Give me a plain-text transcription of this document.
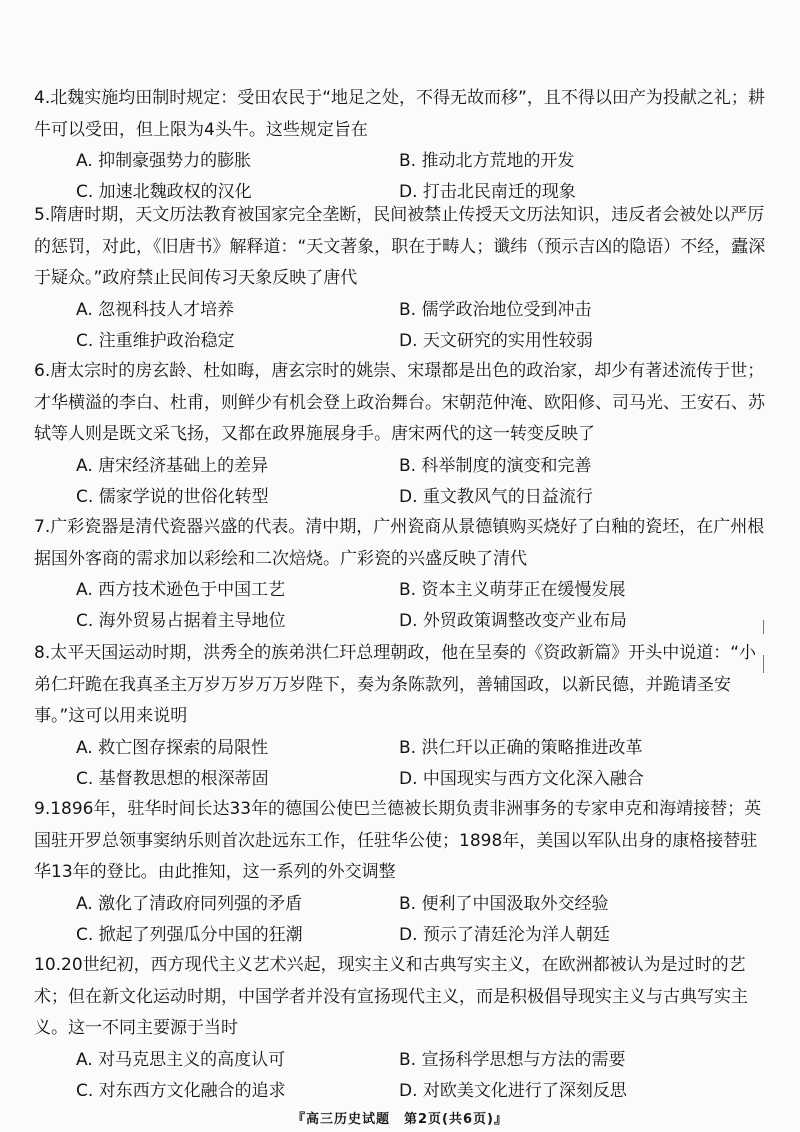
4.北魏实施均田制时规定：受田农民于“地足之处，不得无故而移”，且不得以田产为投献之礼；耕牛可以受田，但上限为4头牛。这些规定旨在

A. 抑制豪强势力的膨胀	B. 推动北方荒地的开发
C. 加速北魏政权的汉化	D. 打击北民南迁的现象

5.隋唐时期，天文历法教育被国家完全垄断，民间被禁止传授天文历法知识，违反者会被处以严厉的惩罚，对此，《旧唐书》解释道：“天文著象，职在于畴人；谶纬（预示吉凶的隐语）不经，蠹深于疑众。”政府禁止民间传习天象反映了唐代

A. 忽视科技人才培养	B. 儒学政治地位受到冲击
C. 注重维护政治稳定	D. 天文研究的实用性较弱

6.唐太宗时的房玄龄、杜如晦，唐玄宗时的姚崇、宋璟都是出色的政治家，却少有著述流传于世；才华横溢的李白、杜甫，则鲜少有机会登上政治舞台。宋朝范仲淹、欧阳修、司马光、王安石、苏轼等人则是既文采飞扬，又都在政界施展身手。唐宋两代的这一转变反映了

A. 唐宋经济基础上的差异	B. 科举制度的演变和完善
C. 儒家学说的世俗化转型	D. 重文教风气的日益流行

7.广彩瓷器是清代瓷器兴盛的代表。清中期，广州瓷商从景德镇购买烧好了白釉的瓷坯，在广州根据国外客商的需求加以彩绘和二次焙烧。广彩瓷的兴盛反映了清代

A. 西方技术逊色于中国工艺	B. 资本主义萌芽正在缓慢发展
C. 海外贸易占据着主导地位	D. 外贸政策调整改变产业布局

8.太平天国运动时期，洪秀全的族弟洪仁玕总理朝政，他在呈奏的《资政新篇》开头中说道：“小弟仁玕跪在我真圣主万岁万岁万万岁陛下，奏为条陈款列，善辅国政，以新民德，并跪请圣安事。”这可以用来说明

A. 救亡图存探索的局限性	B. 洪仁玕以正确的策略推进改革
C. 基督教思想的根深蒂固	D. 中国现实与西方文化深入融合

9.1896年，驻华时间长达33年的德国公使巴兰德被长期负责非洲事务的专家申克和海靖接替；英国驻开罗总领事窦纳乐则首次赴远东工作，任驻华公使；1898年，美国以军队出身的康格接替驻华13年的登比。由此推知，这一系列的外交调整

A. 激化了清政府同列强的矛盾	B. 便利了中国汲取外交经验
C. 掀起了列强瓜分中国的狂潮	D. 预示了清廷沦为洋人朝廷

10.20世纪初，西方现代主义艺术兴起，现实主义和古典写实主义，在欧洲都被认为是过时的艺术；但在新文化运动时期，中国学者并没有宣扬现代主义，而是积极倡导现实主义与古典写实主义。这一不同主要源于当时

A. 对马克思主义的高度认可	B. 宣扬科学思想与方法的需要
C. 对东西方文化融合的追求	D. 对欧美文化进行了深刻反思
『高三历史试题　第2页(共6页)』
